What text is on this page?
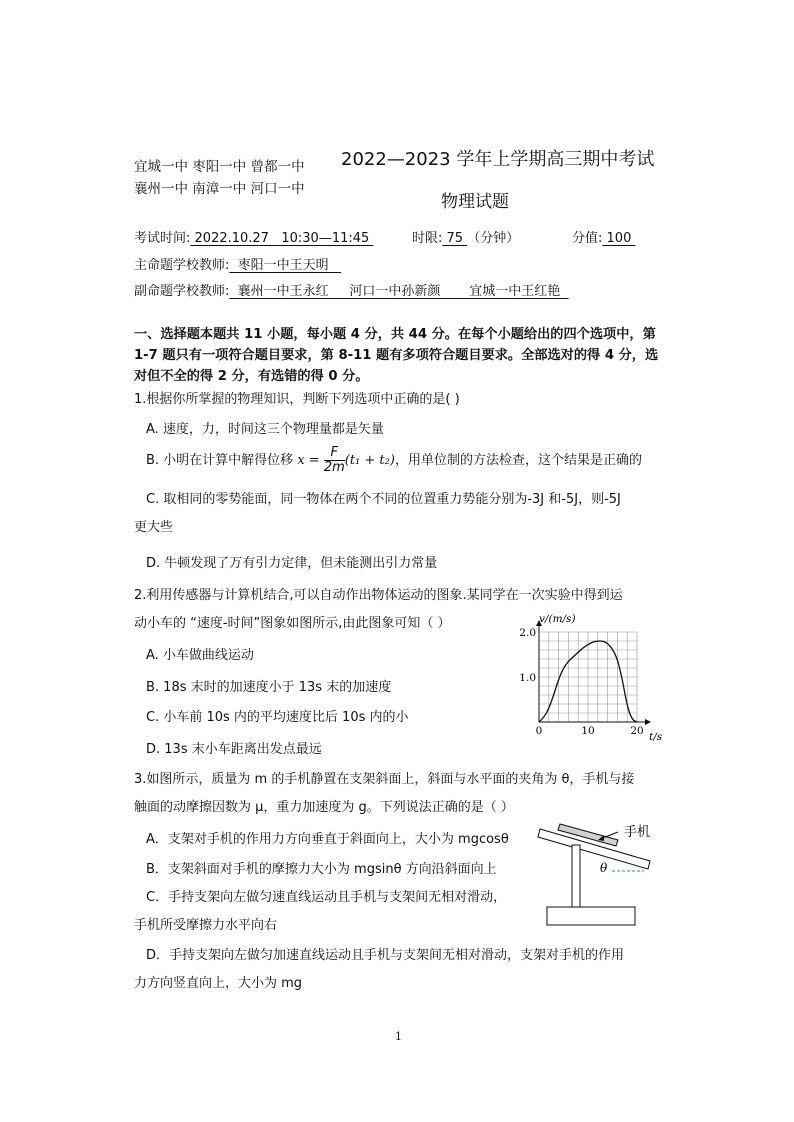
宜城一中 枣阳一中 曾都一中
襄州一中 南漳一中 河口一中
2022—2023 学年上学期高三期中考试
物理试题
考试时间: 2022.10.27   10:30—11:45	时限: 75 （分钟）	分值: 100
主命题学校教师:  枣阳一中王天明
副命题学校教师:  襄州一中王永红     河口一中孙新颜       宜城一中王红艳
一、选择题本题共 11 小题，每小题 4 分，共 44 分。在每个小题给出的四个选项中，第 1-7 题只有一项符合题目要求，第 8-11 题有多项符合题目要求。全部选对的得 4 分，选对但不全的得 2 分，有选错的得 0 分。
1.根据你所掌握的物理知识，判断下列选项中正确的是( )
A. 速度，力，时间这三个物理量都是矢量
B. 小明在计算中解得位移 $x = \frac{F}{2m} (t_1 + t_2)$，用单位制的方法检查，这个结果是正确的
C. 取相同的零势能面，同一物体在两个不同的位置重力势能分别为-3J 和-5J，则-5J
更大些
D. 牛顿发现了万有引力定律，但未能测出引力常量
2.利用传感器与计算机结合,可以自动作出物体运动的图象.某同学在一次实验中得到运
动小车的 “速度-时间”图象如图所示,由此图象可知（ ）
A. 小车做曲线运动
B. 18s 末时的加速度小于 13s 末的加速度
C. 小车前 10s 内的平均速度比后 10s 内的小
D. 13s 末小车距离出发点最远
v/(m/s)
t/s
0	10	20
1.0
2.0
3.如图所示，质量为 m 的手机静置在支架斜面上，斜面与水平面的夹角为 θ，手机与接
触面的动摩擦因数为 μ，重力加速度为 g。下列说法正确的是（ ）
A．支架对手机的作用力方向垂直于斜面向上，大小为 mgcosθ
B．支架斜面对手机的摩擦力大小为 mgsinθ 方向沿斜面向上
C．手持支架向左做匀速直线运动且手机与支架间无相对滑动，
手机所受摩擦力水平向右
D．手持支架向左做匀加速直线运动且手机与支架间无相对滑动，支架对手机的作用
力方向竖直向上，大小为 mg
手机
θ
1
